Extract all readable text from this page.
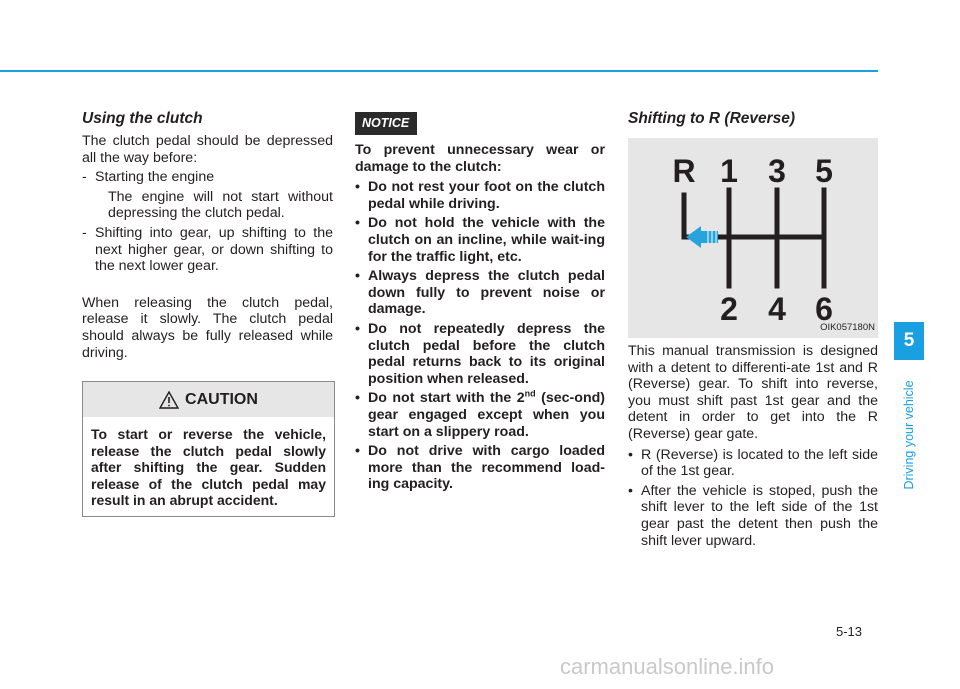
Using the clutch

The clutch pedal should be depressed all the way before:

- Starting the engine
The engine will not start without depressing the clutch pedal.
- Shifting into gear, up shifting to the next higher gear, or down shifting to the next lower gear.

When releasing the clutch pedal, release it slowly. The clutch pedal should always be fully released while driving.

CAUTION
To start or reverse the vehicle, release the clutch pedal slowly after shifting the gear. Sudden release of the clutch pedal may result in an abrupt accident.
NOTICE

To prevent unnecessary wear or damage to the clutch:

• Do not rest your foot on the clutch pedal while driving.
• Do not hold the vehicle with the clutch on an incline, while wait-ing for the traffic light, etc.
• Always depress the clutch pedal down fully to prevent noise or damage.
• Do not repeatedly depress the clutch pedal before the clutch pedal returns back to its original position when released.
• Do not start with the 2nd (sec-ond) gear engaged except when you start on a slippery road.
• Do not drive with cargo loaded more than the recommend load-ing capacity.
Shifting to R (Reverse)
R 1 3 5
2 4 6
OIK057180N

This manual transmission is designed with a detent to differenti-ate 1st and R (Reverse) gear. To shift into reverse, you must shift past 1st gear and the detent in order to get into the R (Reverse) gear gate.

• R (Reverse) is located to the left side of the 1st gear.
• After the vehicle is stoped, push the shift lever to the left side of the 1st gear past the detent then push the shift lever upward.
5
Driving your vehicle
5-13
carmanualsonline.info
